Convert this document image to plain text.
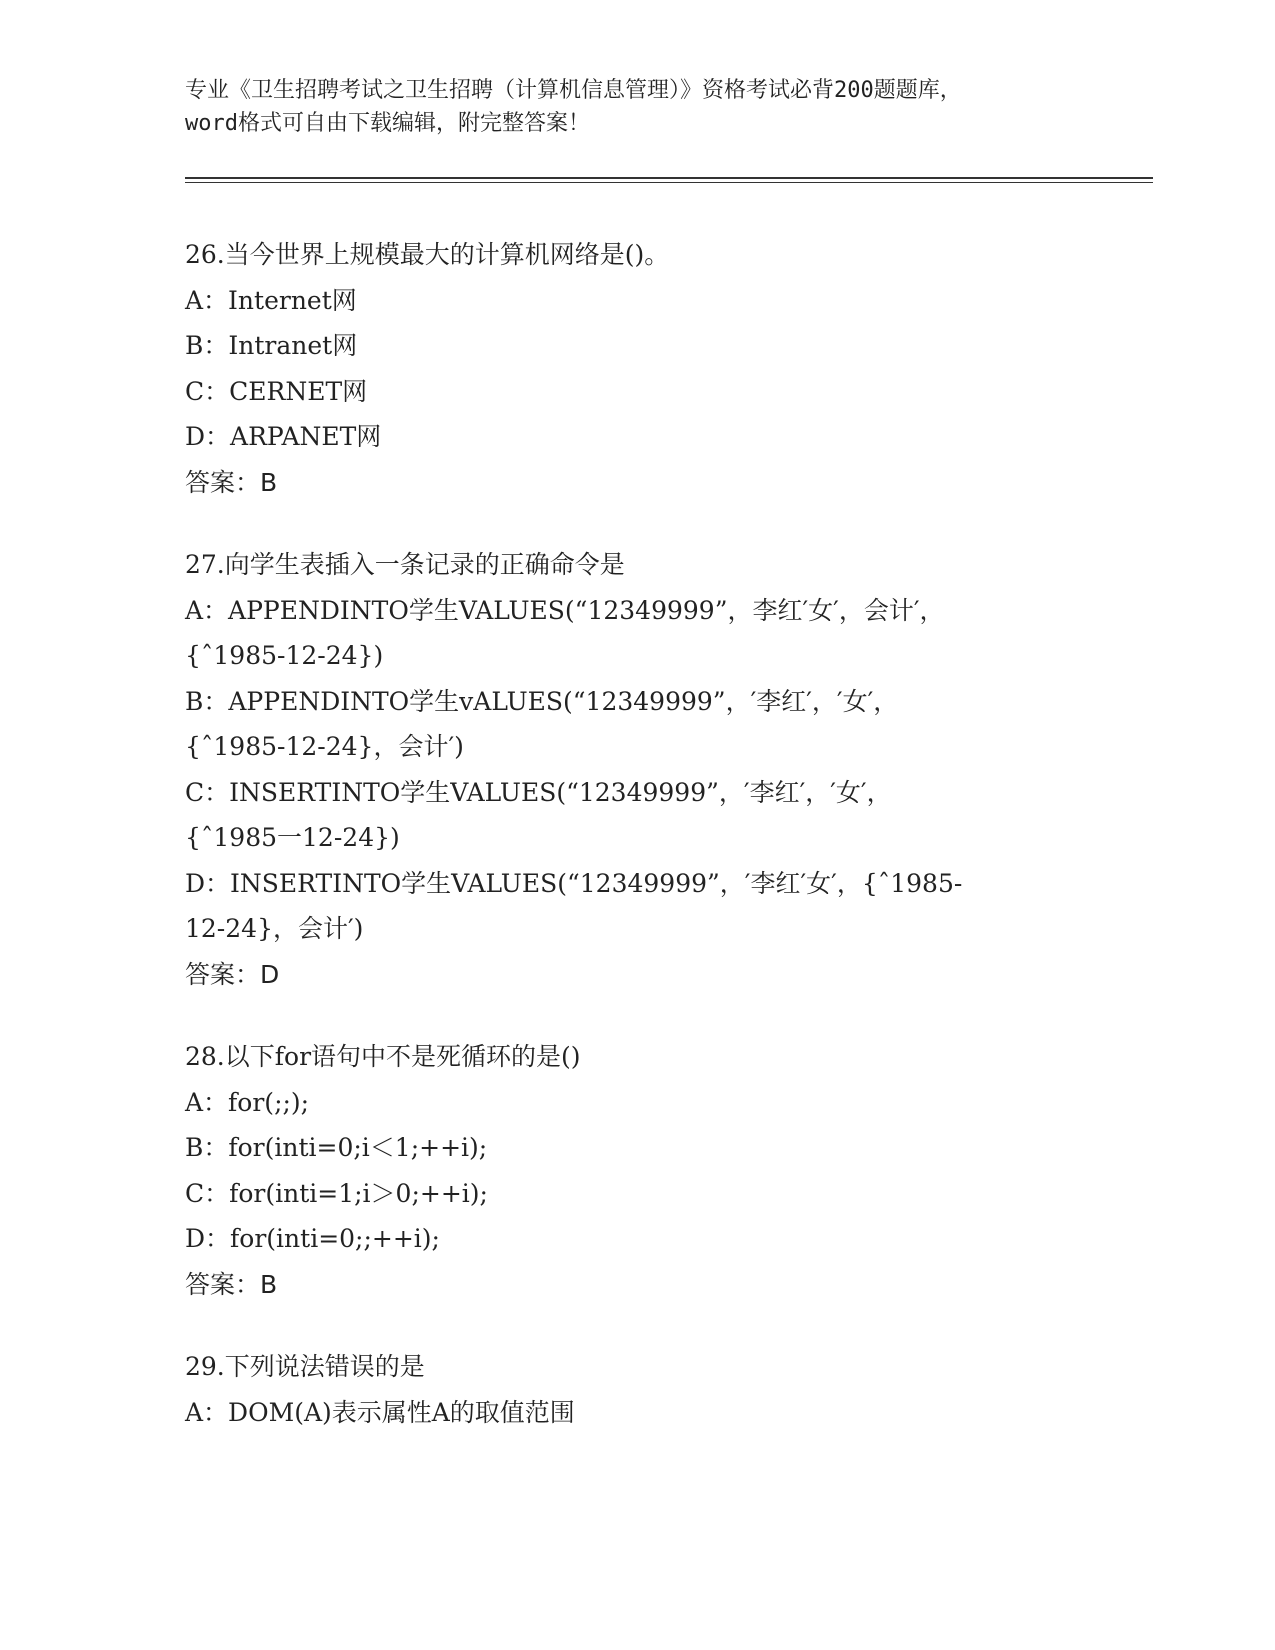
专业《卫生招聘考试之卫生招聘（计算机信息管理）》资格考试必背200题题库，
word格式可自由下载编辑，附完整答案！
26.当今世界上规模最大的计算机网络是()。
A：Internet网
B：Intranet网
C：CERNET网
D：ARPANET网
答案：B
27.向学生表插入一条记录的正确命令是
A：APPENDINTO学生VALUES(“12349999”，李红′女′，会计′，
{ˆ1985-12-24})
B：APPENDINTO学生vALUES(“12349999”，′李红′，′女′，
{ˆ1985-12-24}，会计′)
C：INSERTINTO学生VALUES(“12349999”，′李红′，′女′，
{ˆ1985一12-24})
D：INSERTINTO学生VALUES(“12349999”，′李红′女′，{ˆ1985-
12-24}，会计′)
答案：D
28.以下for语句中不是死循环的是()
A：for(;;);
B：for(inti=0;i＜1;++i);
C：for(inti=1;i＞0;++i);
D：for(inti=0;;++i);
答案：B
29.下列说法错误的是
A：DOM(A)表示属性A的取值范围
